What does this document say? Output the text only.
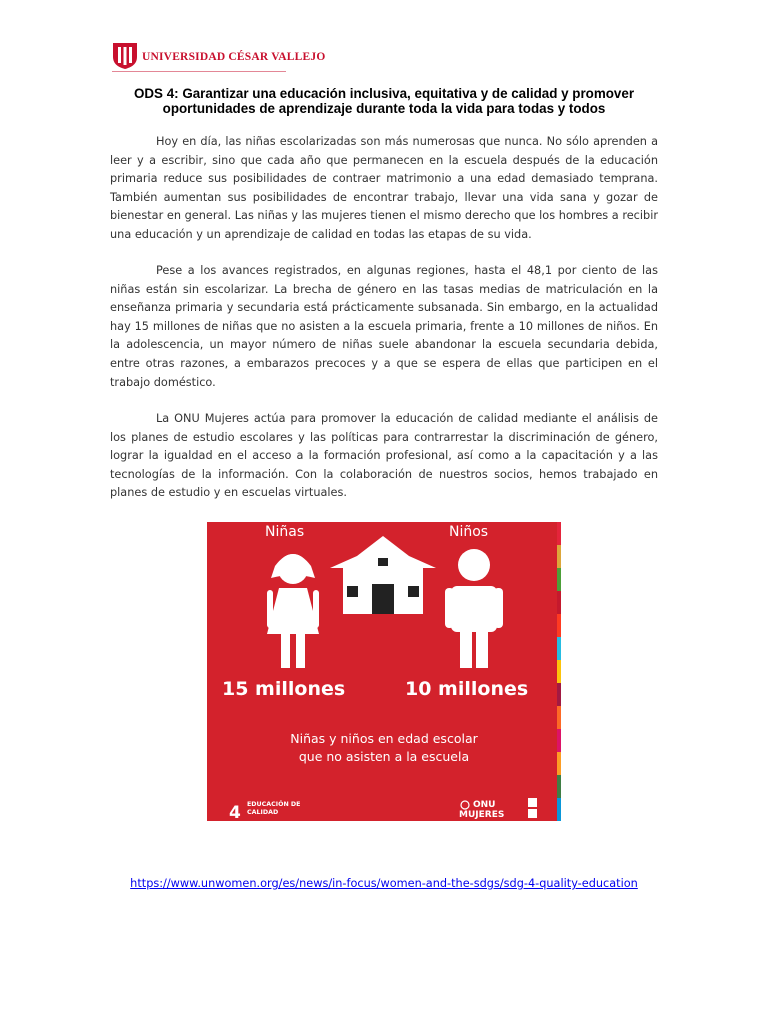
UNIVERSIDAD CÉSAR VALLEJO
ODS 4: Garantizar una educación inclusiva, equitativa y de calidad y promover oportunidades de aprendizaje durante toda la vida para todas y todos

Hoy en día, las niñas escolarizadas son más numerosas que nunca. No sólo aprenden a leer y a escribir, sino que cada año que permanecen en la escuela después de la educación primaria reduce sus posibilidades de contraer matrimonio a una edad demasiado temprana. También aumentan sus posibilidades de encontrar trabajo, llevar una vida sana y gozar de bienestar en general. Las niñas y las mujeres tienen el mismo derecho que los hombres a recibir una educación y un aprendizaje de calidad en todas las etapas de su vida.

Pese a los avances registrados, en algunas regiones, hasta el 48,1 por ciento de las niñas están sin escolarizar. La brecha de género en las tasas medias de matriculación en la enseñanza primaria y secundaria está prácticamente subsanada. Sin embargo, en la actualidad hay 15 millones de niñas que no asisten a la escuela primaria, frente a 10 millones de niños. En la adolescencia, un mayor número de niñas suele abandonar la escuela secundaria debida, entre otras razones, a embarazos precoces y a que se espera de ellas que participen en el trabajo doméstico.

La ONU Mujeres actúa para promover la educación de calidad mediante el análisis de los planes de estudio escolares y las políticas para contrarrestar la discriminación de género, lograr la igualdad en el acceso a la formación profesional, así como a la capacitación y a las tecnologías de la información. Con la colaboración de nuestros socios, hemos trabajado en planes de estudio y en escuelas virtuales.

Niñas	Niños
15 millones	10 millones
Niñas y niños en edad escolar
que no asisten a la escuela
4 EDUCACIÓN DE CALIDAD
ONU
MUJERES
https://www.unwomen.org/es/news/in-focus/women-and-the-sdgs/sdg-4-quality-education
